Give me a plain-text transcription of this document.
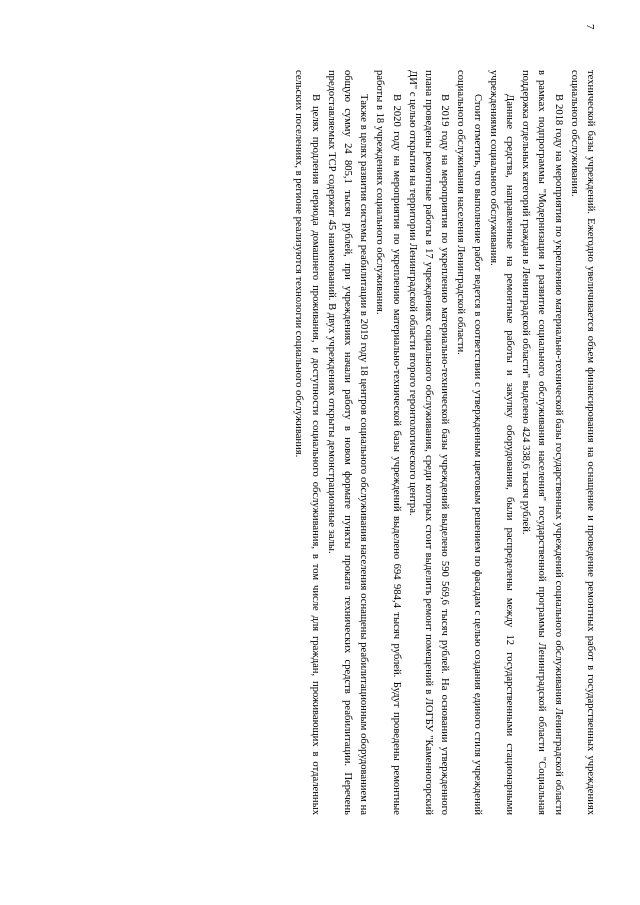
7

технической базы учреждений. Ежегодно увеличивается объем финансирования на оснащение и проведение ремонтных работ в государственных учреждениях социального обслуживания.

В 2018 году на мероприятия по укреплению материально-технической базы государственных учреждений социального обслуживания Ленинградской области в рамках подпрограммы "Модернизация и развитие социального обслуживания населения" государственной программы Ленинградской области "Социальная поддержка отдельных категорий граждан в Ленинградской области" выделено 424 338,6 тысяч рублей.

Данные средства, направленные на ремонтные работы и закупку оборудования, были распределены между 12 государственными стационарными учреждениями социального обслуживания.

Стоит отметить, что выполнение работ ведется в соответствии с утвержденным цветовым решением по фасадам с целью создания единого стиля учреждений социального обслуживания населения Ленинградской области.

В 2019 году на мероприятия по укреплению материально-технической базы учреждений выделено 590 569,6 тысяч рублей. На основании утвержденного плана проведены ремонтные работы в 17 учреждениях социального обслуживания, среди которых стоит выделить ремонт помещений в ЛОГБУ "Каменногорский ДИ" с целью открытия на территории Ленинградской области второго геронтологического центра.

В 2020 году на мероприятия по укреплению материально-технической базы учреждений выделено 694 984,4 тысяч рублей. Будут проведены ремонтные работы в 18 учреждениях социального обслуживания.

Также в целях развития системы реабилитации в 2019 году 18 центров социального обслуживания населения оснащены реабилитационным оборудованием на общую сумму 24 805,1 тысяч рублей, при учреждениях начали работу в новом формате пункты проката технических средств реабилитации. Перечень предоставляемых ТСР содержит 45 наименований. В двух учреждениях открыты демонстрационные залы.

В целях продления периода домашнего проживания, и доступности социального обслуживания, в том числе для граждан, проживающих в отдаленных сельских поселениях, в регионе реализуются технологии социального обслуживания.
